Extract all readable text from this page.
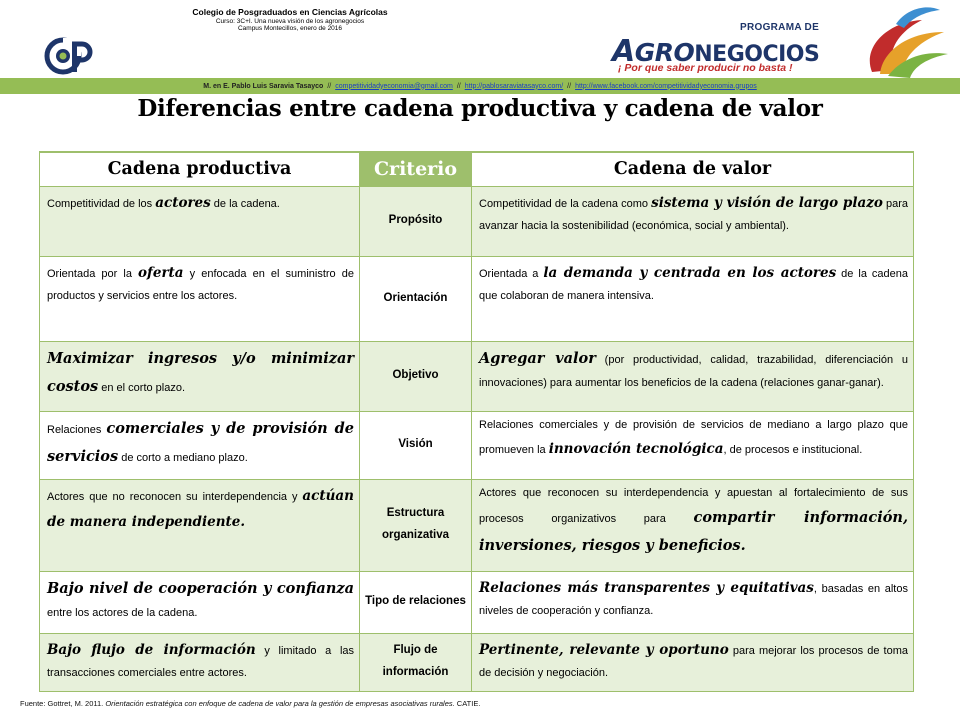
Colegio de Posgraduados en Ciencias Agrícolas
Curso: 3C+I. Una nueva visión de los agronegocios
Campus Montecillos, enero de 2016	PROGRAMA DE
AGRONEGOCIOS
¡ Por que saber producir no basta !
M. en E. Pablo Luis Saravia Tasayco // competitividadyeconomia@gmail.com // http://pablosaraviatasayco.com/ // http://www.facebook.com/competitividadyeconomia.grupos
Diferencias entre cadena productiva y cadena de valor
Cadena productiva	Criterio	Cadena de valor
Competitividad de los actores de la cadena.	Propósito	Competitividad de la cadena como sistema y visión de largo plazo para avanzar hacia la sostenibilidad (económica, social y ambiental).
Orientada por la oferta y enfocada en el suministro de productos y servicios entre los actores.	Orientación	Orientada a la demanda y centrada en los actores de la cadena que colaboran de manera intensiva.
Maximizar ingresos y/o minimizar costos en el corto plazo.	Objetivo	Agregar valor (por productividad, calidad, trazabilidad, diferenciación u innovaciones) para aumentar los beneficios de la cadena (relaciones ganar-ganar).
Relaciones comerciales y de provisión de servicios de corto a mediano plazo.	Visión	Relaciones comerciales y de provisión de servicios de mediano a largo plazo que promueven la innovación tecnológica, de procesos e institucional.
Actores que no reconocen su interdependencia y actúan de manera independiente.	Estructura organizativa	Actores que reconocen su interdependencia y apuestan al fortalecimiento de sus procesos organizativos para compartir información, inversiones, riesgos y beneficios.
Bajo nivel de cooperación y confianza entre los actores de la cadena.	Tipo de relaciones	Relaciones más transparentes y equitativas, basadas en altos niveles de cooperación y confianza.
Bajo flujo de información y limitado a las transacciones comerciales entre actores.	Flujo de información	Pertinente, relevante y oportuno para mejorar los procesos de toma de decisión y negociación.
Fuente: Gottret, M. 2011. Orientación estratégica con enfoque de cadena de valor para la gestión de empresas asociativas rurales. CATIE.
